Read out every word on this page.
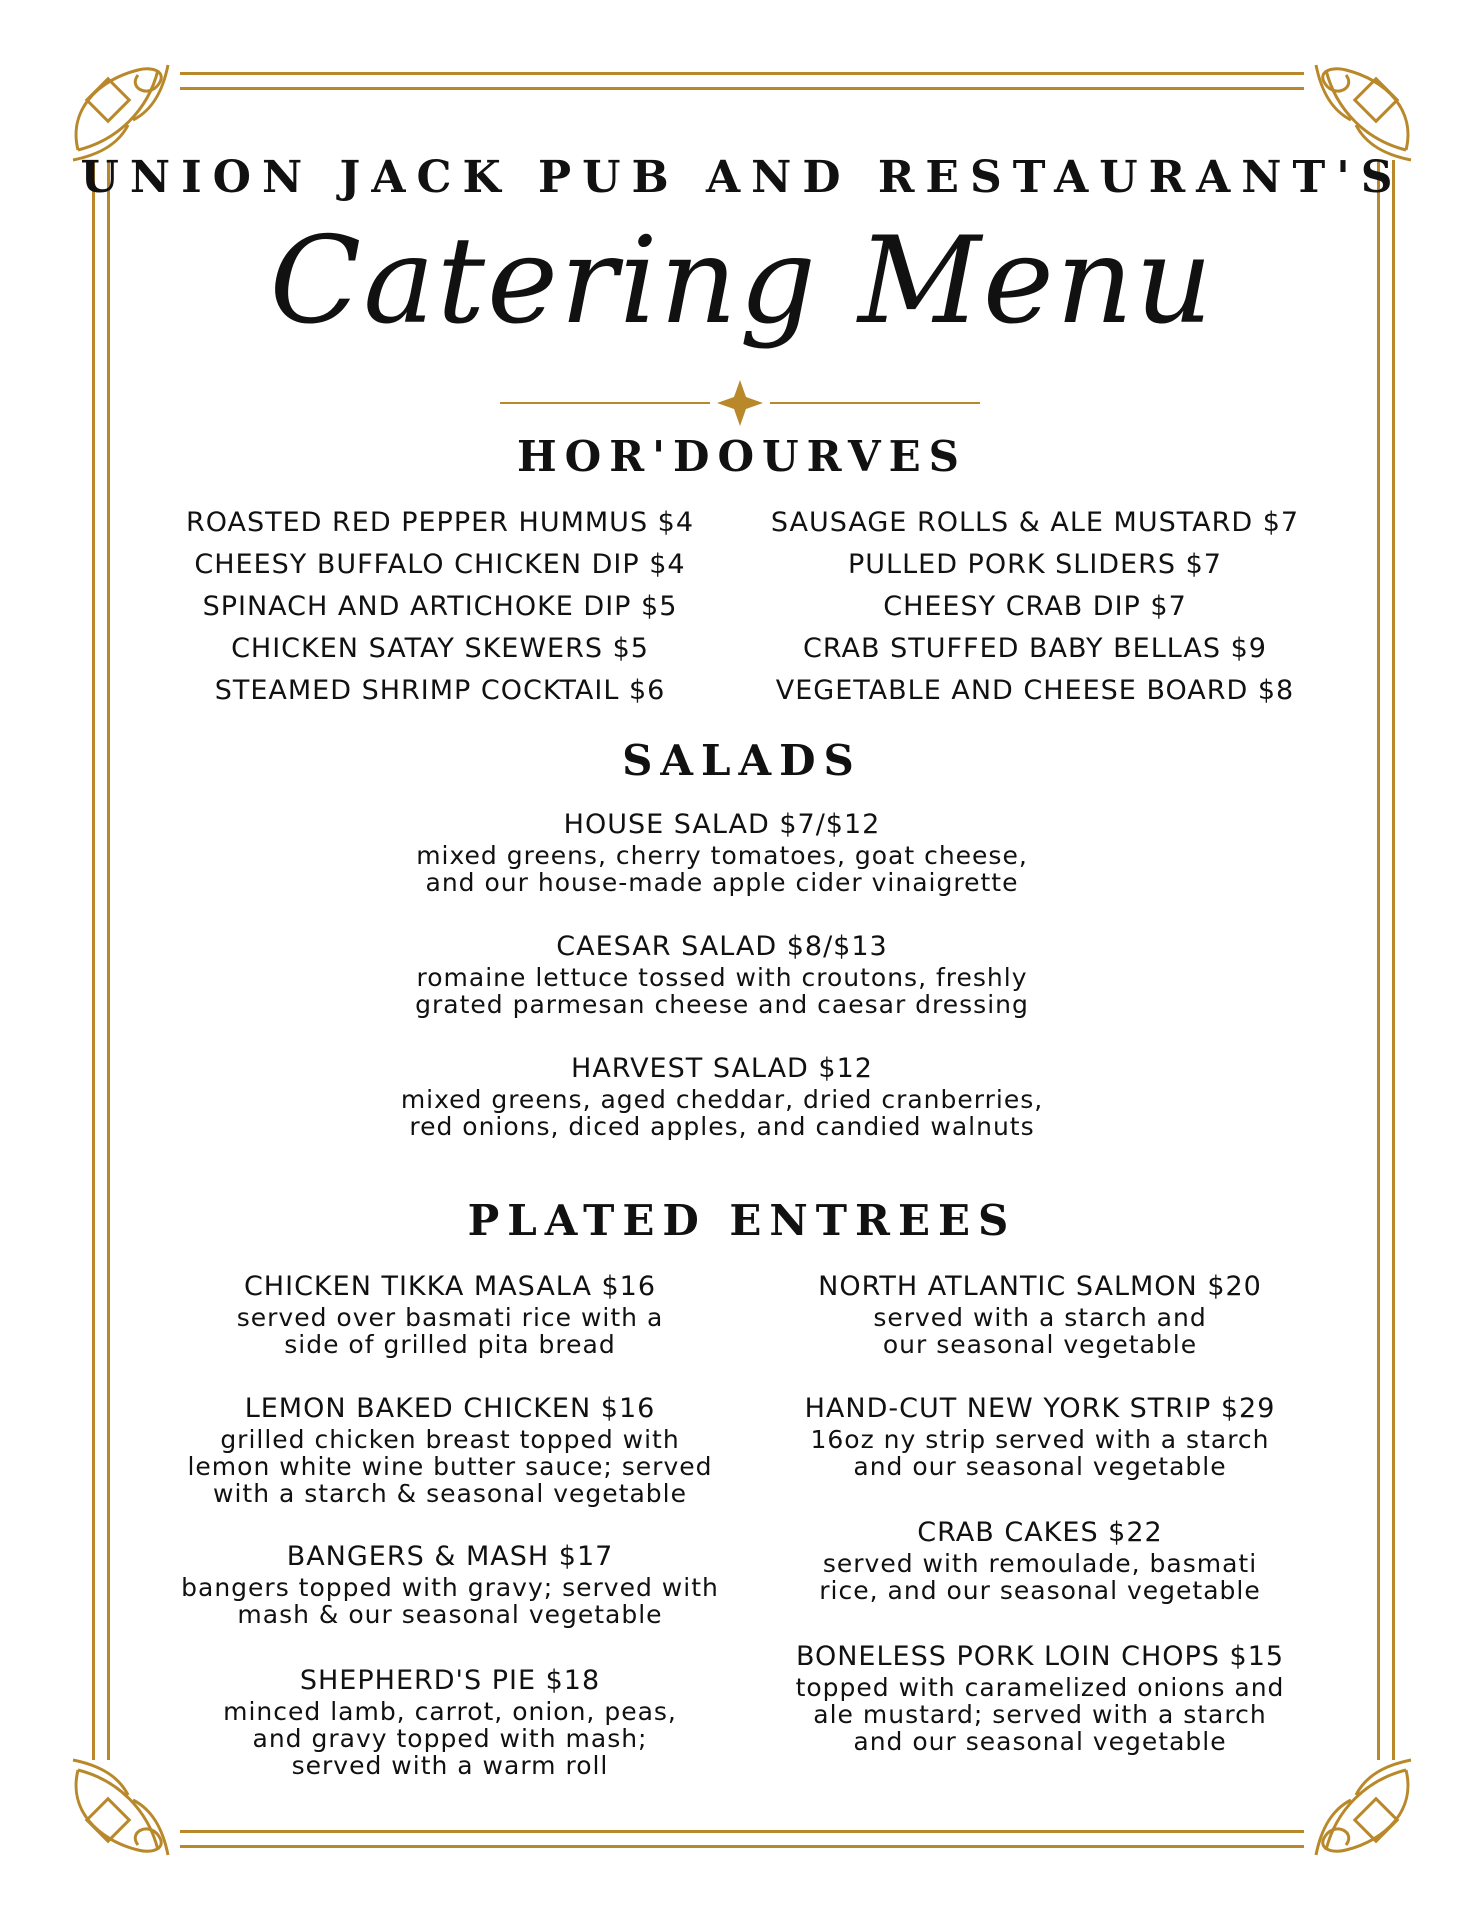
UNION JACK PUB AND RESTAURANT'S
Catering Menu
HOR'DOURVES
ROASTED RED PEPPER HUMMUS $4
CHEESY BUFFALO CHICKEN DIP $4
SPINACH AND ARTICHOKE DIP $5
CHICKEN SATAY SKEWERS $5
STEAMED SHRIMP COCKTAIL $6
SAUSAGE ROLLS & ALE MUSTARD $7
PULLED PORK SLIDERS $7
CHEESY CRAB DIP $7
CRAB STUFFED BABY BELLAS $9
VEGETABLE AND CHEESE BOARD $8
SALADS
HOUSE SALAD $7/$12
mixed greens, cherry tomatoes, goat cheese,
and our house-made apple cider vinaigrette
CAESAR SALAD $8/$13
romaine lettuce tossed with croutons, freshly
grated parmesan cheese and caesar dressing
HARVEST SALAD $12
mixed greens, aged cheddar, dried cranberries,
red onions, diced apples, and candied walnuts
PLATED ENTREES
CHICKEN TIKKA MASALA $16
served over basmati rice with a
side of grilled pita bread
LEMON BAKED CHICKEN $16
grilled chicken breast topped with
lemon white wine butter sauce; served
with a starch & seasonal vegetable
BANGERS & MASH $17
bangers topped with gravy; served with
mash & our seasonal vegetable
SHEPHERD'S PIE $18
minced lamb, carrot, onion, peas,
and gravy topped with mash;
served with a warm roll
NORTH ATLANTIC SALMON $20
served with a starch and
our seasonal vegetable
HAND-CUT NEW YORK STRIP $29
16oz ny strip served with a starch
and our seasonal vegetable
CRAB CAKES $22
served with remoulade, basmati
rice, and our seasonal vegetable
BONELESS PORK LOIN CHOPS $15
topped with caramelized onions and
ale mustard; served with a starch
and our seasonal vegetable
